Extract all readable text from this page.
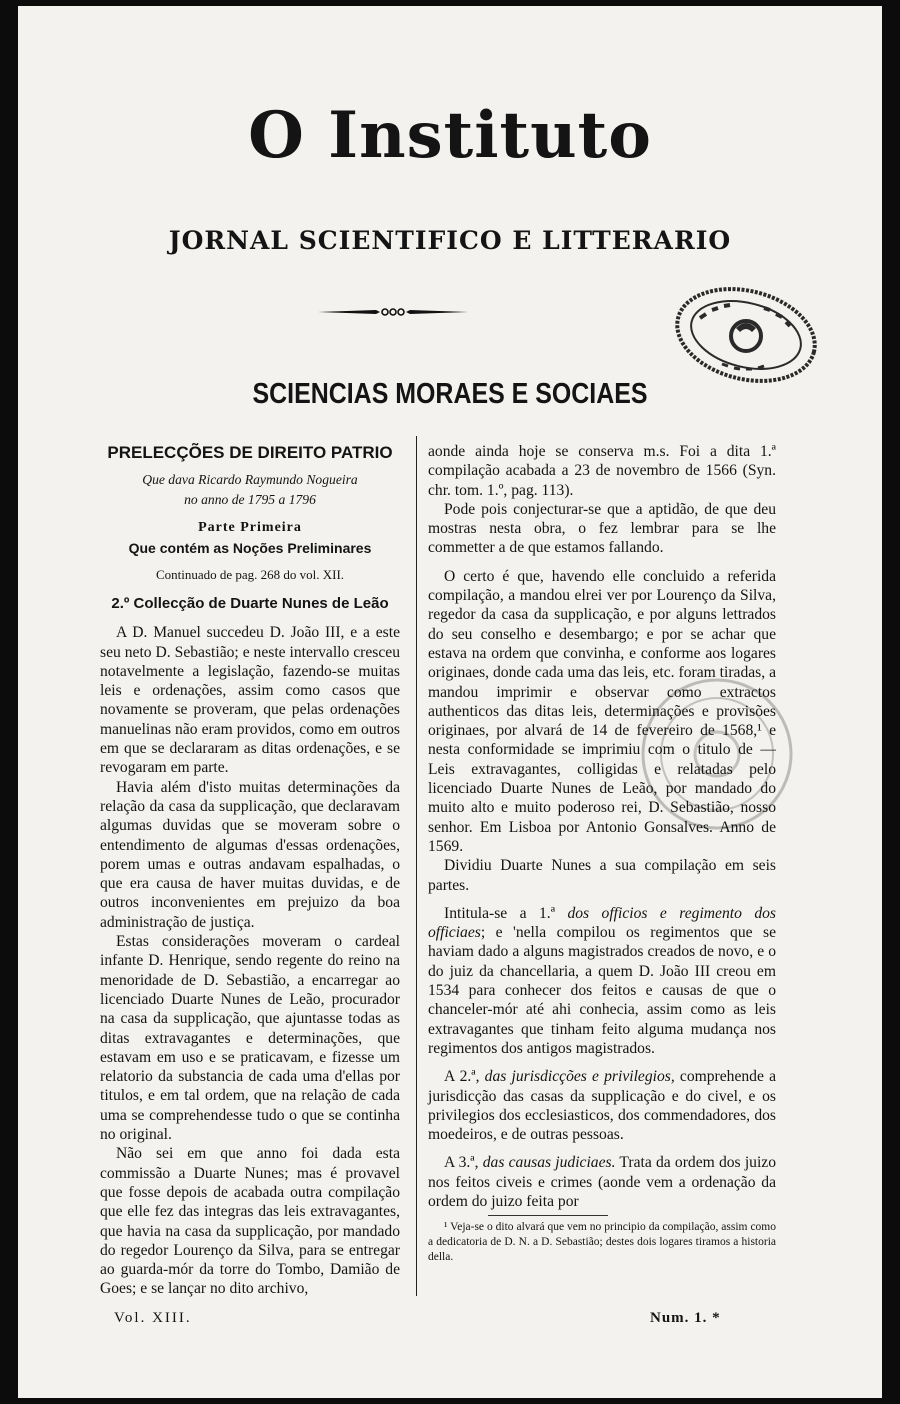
O Instituto
JORNAL SCIENTIFICO E LITTERARIO
SCIENCIAS MORAES E SOCIAES

PRELECÇÕES DE DIREITO PATRIO

Que dava Ricardo Raymundo Nogueira

no anno de 1795 a 1796

Parte Primeira

Que contém as Noções Preliminares

Continuado de pag. 268 do vol. XII.

2.º Collecção de Duarte Nunes de Leão

A D. Manuel succedeu D. João III, e a este seu neto D. Sebastião; e neste intervallo cresceu notavelmente a legislação, fazendo-se muitas leis e ordenações, assim como casos que novamente se proveram, que pelas ordenações manuelinas não eram providos, como em outros em que se declararam as ditas ordenações, e se revogaram em parte.

Havia além d'isto muitas determinações da relação da casa da supplicação, que declaravam algumas duvidas que se moveram sobre o entendimento de algumas d'essas ordenações, porem umas e outras andavam espalhadas, o que era causa de haver muitas duvidas, e de outros inconvenientes em prejuizo da boa administração de justiça.

Estas considerações moveram o cardeal infante D. Henrique, sendo regente do reino na menoridade de D. Sebastião, a encarregar ao licenciado Duarte Nunes de Leão, procurador na casa da supplicação, que ajuntasse todas as ditas extravagantes e determinações, que estavam em uso e se praticavam, e fizesse um relatorio da substancia de cada uma d'ellas por titulos, e em tal ordem, que na relação de cada uma se comprehendesse tudo o que se continha no original.

Não sei em que anno foi dada esta commissão a Duarte Nunes; mas é provavel que fosse depois de acabada outra compilação que elle fez das integras das leis extravagantes, que havia na casa da supplicação, por mandado do regedor Lourenço da Silva, para se entregar ao guarda-mór da torre do Tombo, Damião de Goes; e se lançar no dito archivo,

aonde ainda hoje se conserva m.s. Foi a dita 1.ª compilação acabada a 23 de novembro de 1566 (Syn. chr. tom. 1.º, pag. 113).

Pode pois conjecturar-se que a aptidão, de que deu mostras nesta obra, o fez lembrar para se lhe commetter a de que estamos fallando.

O certo é que, havendo elle concluido a referida compilação, a mandou elrei ver por Lourenço da Silva, regedor da casa da supplicação, e por alguns lettrados do seu conselho e desembargo; e por se achar que estava na ordem que convinha, e conforme aos logares originaes, donde cada uma das leis, etc. foram tiradas, a mandou imprimir e observar como extractos authenticos das ditas leis, determinações e provisões originaes, por alvará de 14 de fevereiro de 1568,¹ e nesta conformidade se imprimiu com o titulo de — Leis extravagantes, colligidas e relatadas pelo licenciado Duarte Nunes de Leão, por mandado do muito alto e muito poderoso rei, D. Sebastião, nosso senhor. Em Lisboa por Antonio Gonsalves. Anno de 1569.

Dividiu Duarte Nunes a sua compilação em seis partes.

Intitula-se a 1.ª dos officios e regimento dos officiaes; e 'nella compilou os regimentos que se haviam dado a alguns magistrados creados de novo, e o do juiz da chancellaria, a quem D. João III creou em 1534 para conhecer dos feitos e causas de que o chanceler-mór até ahi conhecia, assim como as leis extravagantes que tinham feito alguma mudança nos regimentos dos antigos magistrados.

A 2.ª, das jurisdicções e privilegios, comprehende a jurisdicção das casas da supplicação e do civel, e os privilegios dos ecclesiasticos, dos commendadores, dos moedeiros, e de outras pessoas.

A 3.ª, das causas judiciaes. Trata da ordem dos juizo nos feitos civeis e crimes (aonde vem a ordenação da ordem do juizo feita por

¹ Veja-se o dito alvará que vem no principio da compilação, assim como a dedicatoria de D. N. a D. Sebastião; destes dois logares tiramos a historia della.

Vol. XIII.	Num. 1. *
